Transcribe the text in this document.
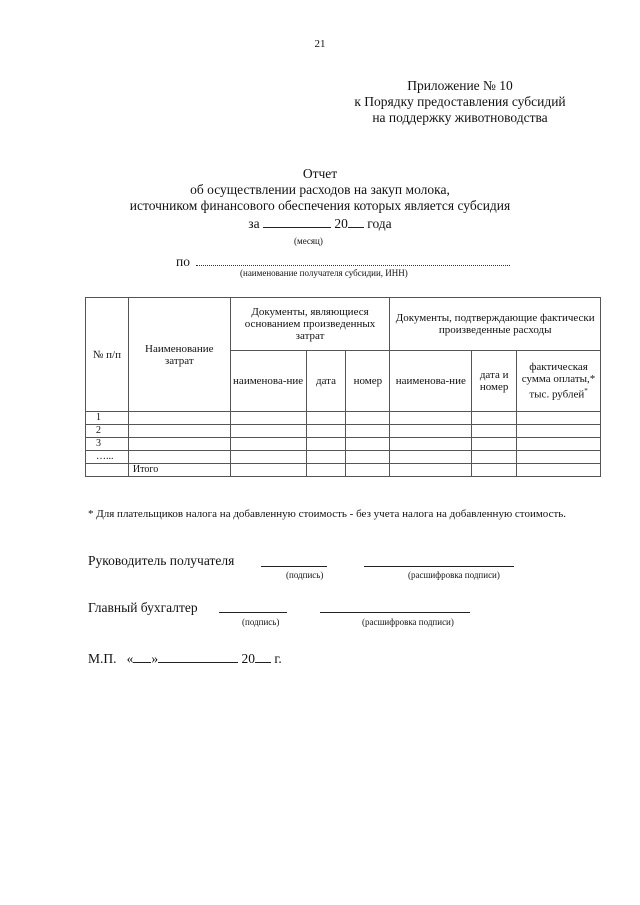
21
Приложение № 10
к Порядку предоставления субсидий
на поддержку животноводства
Отчет
об осуществлении расходов на закуп молока,
источником финансового обеспечения которых является субсидия
за	20 года
(месяц)
по
(наименование получателя субсидии, ИНН)
№ п/п	Наименование затрат	Документы, являющиеся основанием произведенных затрат			Документы, подтверждающие фактически произведенные расходы		
		наименова-ние	дата	номер	наименова-ние	дата и номер	фактическая сумма оплаты,* тыс. рублей*
1							
2							
3							
…...							
	Итого						
* Для плательщиков налога на добавленную стоимость - без учета налога на добавленную стоимость.
Руководитель получателя
(подпись)	(расшифровка подписи)
Главный бухгалтер
(подпись)	(расшифровка подписи)
М.П. « »	20 г.
